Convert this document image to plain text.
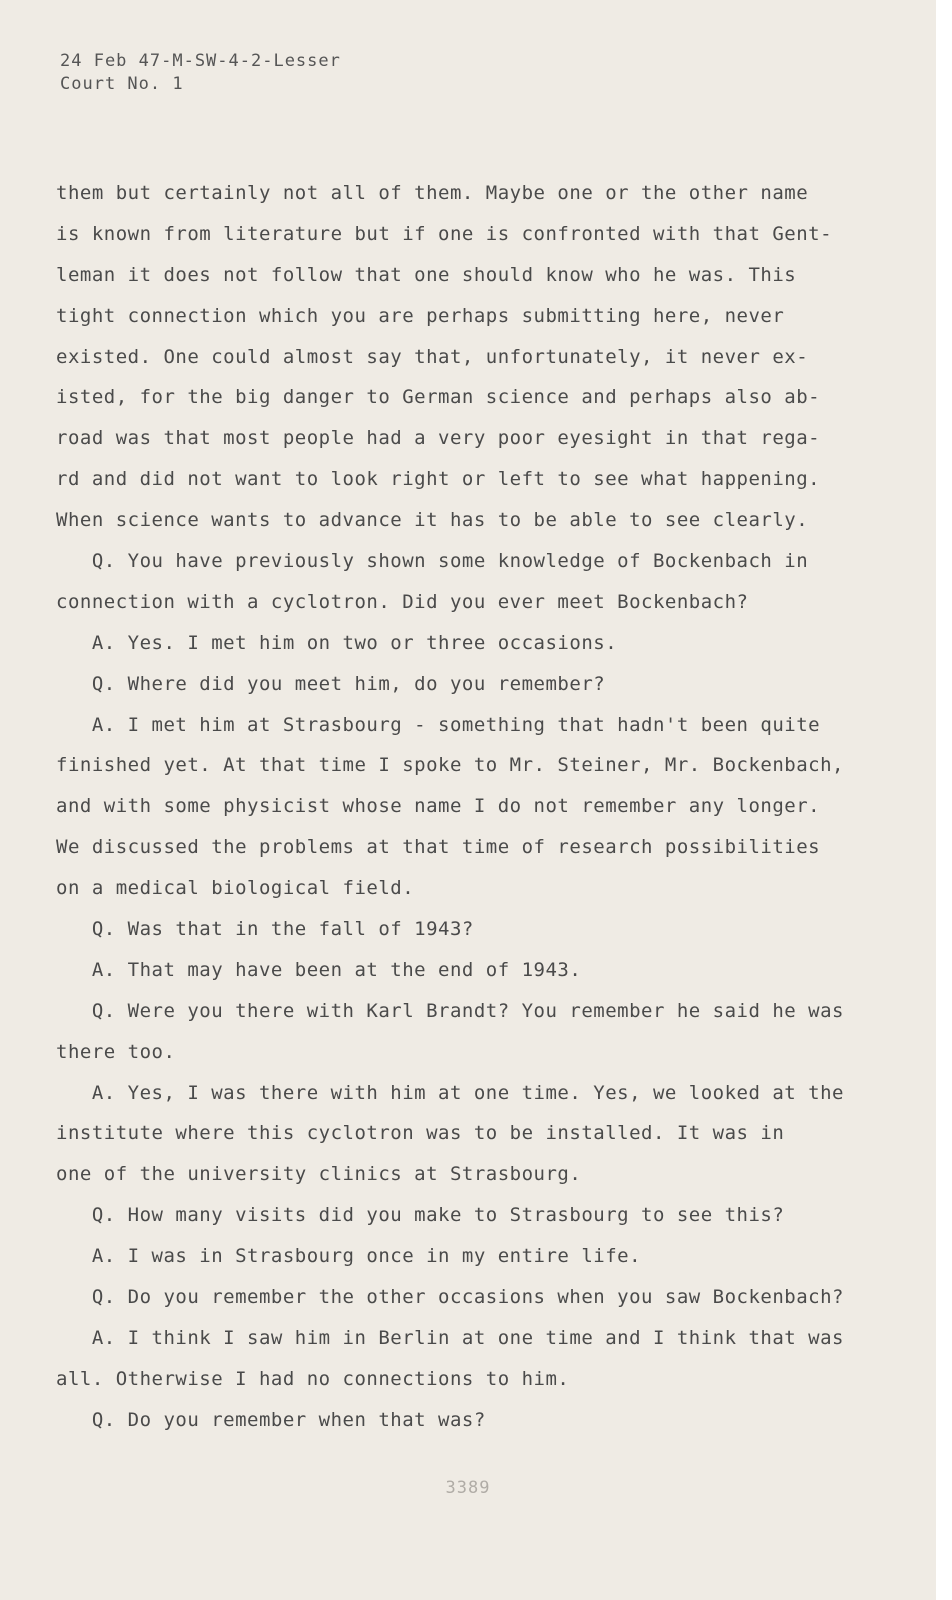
24 Feb 47-M-SW-4-2-Lesser
Court No. 1
them but certainly not all of them. Maybe one or the other name
is known from literature but if one is confronted with that Gent-
leman it does not follow that one should know who he was. This
tight connection which you are perhaps submitting here, never
existed. One could almost say that, unfortunately, it never ex-
isted, for the big danger to German science and perhaps also ab-
road was that most people had a very poor eyesight in that rega-
rd and did not want to look right or left to see what happening.
When science wants to advance it has to be able to see clearly.
Q. You have previously shown some knowledge of Bockenbach in
connection with a cyclotron. Did you ever meet Bockenbach?
A. Yes. I met him on two or three occasions.
Q. Where did you meet him, do you remember?
A. I met him at Strasbourg - something that hadn't been quite
finished yet. At that time I spoke to Mr. Steiner, Mr. Bockenbach,
and with some physicist whose name I do not remember any longer.
We discussed the problems at that time of research possibilities
on a medical biological field.
Q. Was that in the fall of 1943?
A. That may have been at the end of 1943.
Q. Were you there with Karl Brandt? You remember he said he was
there too.
A. Yes, I was there with him at one time. Yes, we looked at the
institute where this cyclotron was to be installed. It was in
one of the university clinics at Strasbourg.
Q. How many visits did you make to Strasbourg to see this?
A. I was in Strasbourg once in my entire life.
Q. Do you remember the other occasions when you saw Bockenbach?
A. I think I saw him in Berlin at one time and I think that was
all. Otherwise I had no connections to him.
Q. Do you remember when that was?
3389
